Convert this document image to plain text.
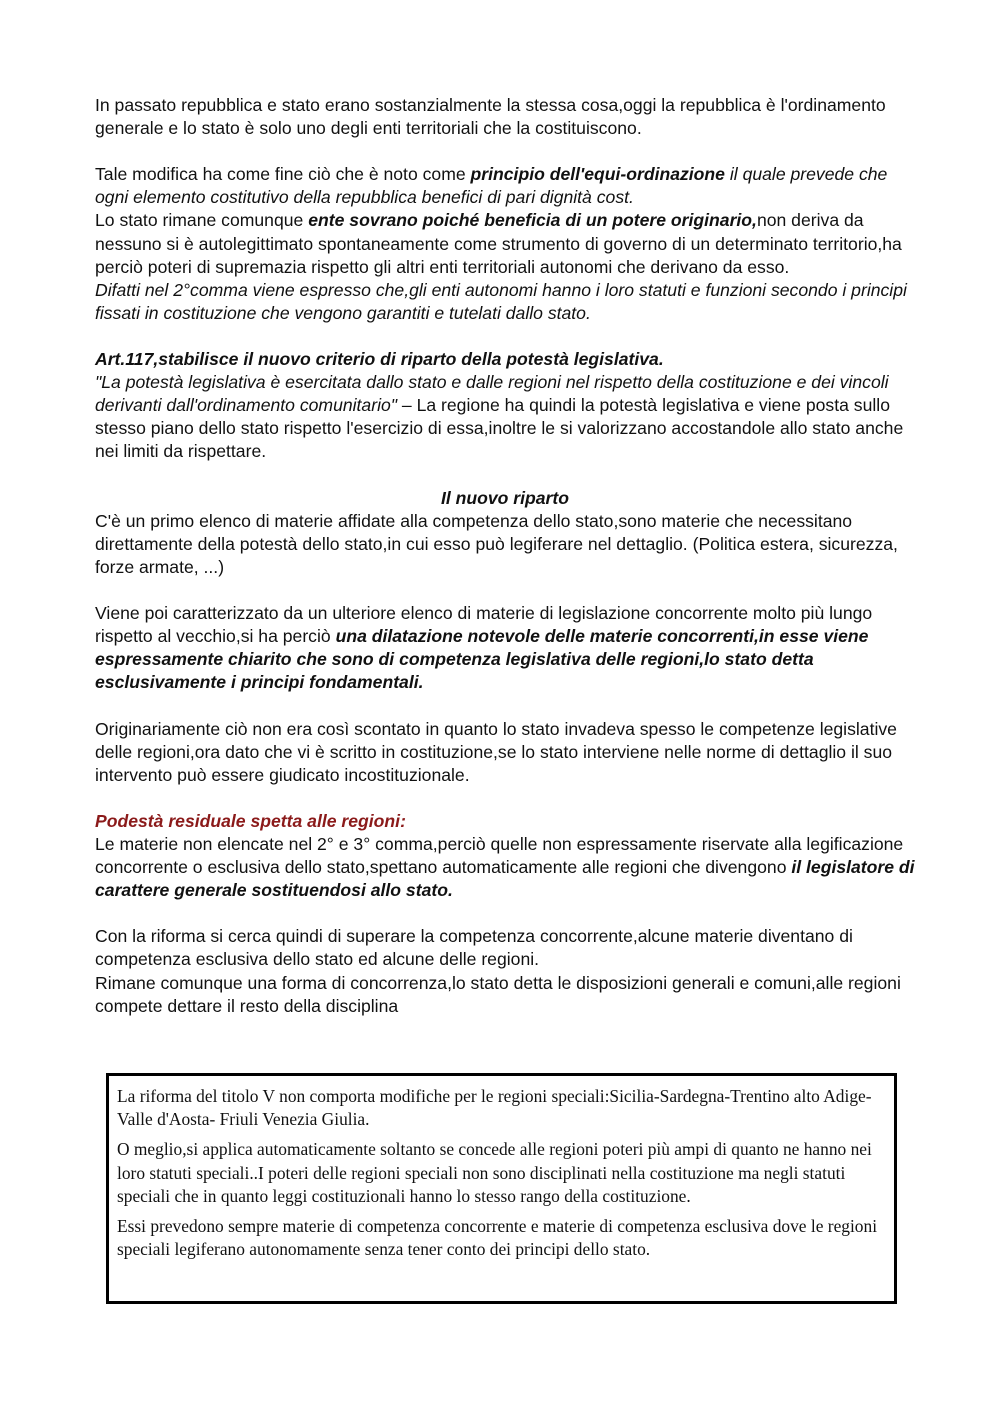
In passato repubblica e stato erano sostanzialmente la stessa cosa,oggi la repubblica è l'ordinamento generale e lo stato è solo uno degli enti territoriali che la costituiscono.

Tale modifica ha come fine ciò che è noto come principio dell'equi-ordinazione il quale prevede che ogni elemento costitutivo della repubblica benefici di pari dignità cost.

Lo stato rimane comunque ente sovrano poiché beneficia di un potere originario,non deriva da nessuno si è autolegittimato spontaneamente come strumento di governo di un determinato territorio,ha perciò poteri di supremazia rispetto gli altri enti territoriali autonomi che derivano da esso.

Difatti nel 2°comma viene espresso che,gli enti autonomi hanno i loro statuti e funzioni secondo i principi fissati in costituzione che vengono garantiti e tutelati dallo stato.

Art.117,stabilisce il nuovo criterio di riparto della potestà legislativa.

"La potestà legislativa è esercitata dallo stato e dalle regioni nel rispetto della costituzione e dei vincoli derivanti dall'ordinamento comunitario" – La regione ha quindi la potestà legislativa e viene posta sullo stesso piano dello stato rispetto l'esercizio di essa,inoltre le si valorizzano accostandole allo stato anche nei limiti da rispettare.

Il nuovo riparto

C'è un primo elenco di materie affidate alla competenza dello stato,sono materie che necessitano direttamente della potestà dello stato,in cui esso può legiferare nel dettaglio. (Politica estera, sicurezza, forze armate, ...)

Viene poi caratterizzato da un ulteriore elenco di materie di legislazione concorrente molto più lungo rispetto al vecchio,si ha perciò una dilatazione notevole delle materie concorrenti,in esse viene espressamente chiarito che sono di competenza legislativa delle regioni,lo stato detta esclusivamente i principi fondamentali.

Originariamente ciò non era così scontato in quanto lo stato invadeva spesso le competenze legislative delle regioni,ora dato che vi è scritto in costituzione,se lo stato interviene nelle norme di dettaglio il suo intervento può essere giudicato incostituzionale.

Podestà residuale spetta alle regioni:

Le materie non elencate nel 2° e 3° comma,perciò quelle non espressamente riservate alla legificazione concorrente o esclusiva dello stato,spettano automaticamente alle regioni che divengono il legislatore di carattere generale sostituendosi allo stato.

Con la riforma si cerca quindi di superare la competenza concorrente,alcune materie diventano di competenza esclusiva dello stato ed alcune delle regioni.

Rimane comunque una forma di concorrenza,lo stato detta le disposizioni generali e comuni,alle regioni compete dettare il resto della disciplina

La riforma del titolo V non comporta modifiche per le regioni speciali:Sicilia-Sardegna-Trentino alto Adige- Valle d'Aosta- Friuli Venezia Giulia.

O meglio,si applica automaticamente soltanto se concede alle regioni poteri più ampi di quanto ne hanno nei loro statuti speciali..I poteri delle regioni speciali non sono disciplinati nella costituzione ma negli statuti speciali che in quanto leggi costituzionali hanno lo stesso rango della costituzione.

Essi prevedono sempre materie di competenza concorrente e materie di competenza esclusiva dove le regioni speciali legiferano autonomamente senza tener conto dei principi dello stato.
